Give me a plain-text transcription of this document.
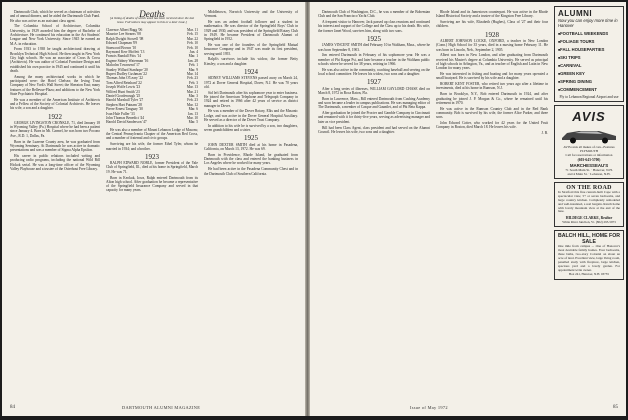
Dartmouth Club, which he served as chairman of activities and of annual dinners, and he aided the Dartmouth Club Fund. He also was active as an assistant class agent.

The Columbia School of Architecture, Columbia University, in 1929 awarded him the degree of Bachelor of Architecture. He continued his education in the Art Students' League and New York University. Since 1945 he earned an M.A. in education.

From 1933 to 1938 he taught architectural drawing at Brooklyn Technical High School. He then taught in New York City high schools. He was an associate of Cross & Cross (Architects). He was author of Colonial Furniture Design and established his own practice in 1945 and continued it until his death.

Among the many architectural works in which he participated were: the Hotel Chelsea; the Irving Trust Company of New York's Wall Street; the Sheraton East; many features of the Bellevue-Plaza; and additions to the New York State Psychiatric Hospital.

He was a member of the American Institute of Architects and a Fellow of the Society of Colonial Architects. He leaves his wife, a son and a daughter.

1922

GEORGE LIVINGSTON CRONKLE, 71, died January 18 in Wyoming Valley (Pa.) Hospital where he had been a patient since January 4. Born in Mt. Carmel, he was born two Pocono Ave., R.D. 1, Dallas, Pa.

Born in the Luzerne County area, he was graduated from Wyoming Seminary. At Dartmouth he was active in dramatic presentations and was a member of Sigma Alpha Epsilon.

His career in public relations included writing and producing radio programs, including the national Wild Bill Hickok serial. He was a long-time officer of the Wyoming Valley Playhouse and a trustee of the Osterhout Free Library.

Deaths
[A listing of deaths of which word has been received since the last issue. Full notices may appear in this or a later issue.]
Clarence Albert Bagg '06	Mar. 11
Maurice Lee Stearns '08	Feb. 15
Ralph Dwight Stowell '08	Mar. 22
Edward Chapman '09	Feb. 10
Stanwood Brown '10	Feb. 10
Raymond Kerr Moffett '13	Jan. 4
Francis Randall Fitts '14	Mar. 1
Eugene Sidney Waterman '16	Jan. 28
Malcolm Townsend '17	Feb. 1
Stanley Willard Stanhope '20	Mar. 9
Rupert Dudley Cushman '22	Mar. 14
Thomas John O'Leary '22	Feb. 23
Tom Alfred Reinhard '22	Feb. 3
Joseph Wolfe Lewis '23	Mar. 13
Wilfred Hunt Smith '23	Mar. 21
Daniel Goodenough '25	Mar. 3
Harold Marshall Tyler '27	Feb. 23
Stephen Hart Putnam '28	Mar. 12
Pierre Ernest Tanguay '30	Mar. 6
Ivan Hale Fuller '33	Jan. 13
John Thomas Benedict '44	Mar. 10
Harold David Sanderson '47	Mar. 5

He was also a member of Mount Lebanon Lodge of Masons; the Central Pennsylvania Chapter of the American Red Cross, and a number of fraternal and civic groups.

Surviving are his wife, the former Ethel Tyler, whom he married in 1934; and a brother.

1923

RALPH EDWARD NOBLE, former President of the Yale Club of Springfield, Ill., died at his home in Springfield, March 19. He was 71.

Born in Keokuk, Iowa, Ralph entered Dartmouth from its Alton high school. After graduation he became a representative of the Springfield Insurance Company and served in that capacity for many years.

Middletown, Norwich University and the University of Vermont.

He was an ardent football follower and a student in mathematics. He was director of the Springfield Boys' Club in 1929 and 1930, and was president of the Springfield Rotary Club in 1949. He became President of Dartmouth Alumni of Springfield in 1952.

He was one of the founders of the Springfield Mutual Insurance Company and in 1947 was made its first president, serving until 1955.

Ralph's survivors include his widow, the former Betty Kinsley; a son and a daughter.

1924

SIDNEY WILLIAMS STEVENS passed away on March 24, 1972 at Dover General Hospital, Dover, N.J. He was 70 years old.

Sid left Dartmouth after his sophomore year to enter business. He joined the American Telephone and Telegraph Company in 1924 and retired in 1966 after 42 years of service as district manager in Dover.

He was a member of the Dover Rotary, Elks and the Masonic Lodge, and was active in the Dover General Hospital Auxiliary. He served as a director of the Dover Trust Company.

In addition to his wife he is survived by a son, two daughters, seven grandchildren and a sister.

1925

JOHN DEXTER SMITH died at his home in Pasadena, California, on March 13, 1972. He was 69.

Born in Providence, Rhode Island, he graduated from Dartmouth with the class and entered the banking business in Los Angeles where he worked for many years.

He had been active in the Pasadena Community Chest and in the Dartmouth Club of Southern California.

84	DARTMOUTH ALUMNI MAGAZINE

Dartmouth Club of Washington, D.C., he was a member of the Bohemian Club and the San Francisco Yacht Club.

A frequent visitor to Hanover, Jack passed up class reunions and continued his interest and support of the College and the Class up to his death. His wife, the former Janet Wood, survives him, along with two sons.

1925

JAMES VINCENT SMITH died February 10 in Waltham, Mass., where he was born September 8, 1903.

Jim entered Dartmouth in February of his sophomore year. He was a member of Phi Kappa Psi, and later became a teacher in the Waltham public schools where he served for 38 years, retiring in 1966.

He was also active in the community, coaching baseball and serving on the local school committee. He leaves his widow, two sons and a daughter.

1927

After a long series of illnesses, WILLIAM GAYLORD CHASE died on March 8, 1972 in Boca Raton, Fla.

Born in Lawrence, Mass., Bill entered Dartmouth from Cushing Academy and soon became a leader in campus publications. He was managing editor of The Dartmouth, a member of Casque and Gauntlet, and of Phi Beta Kappa.

After graduation he joined the Procter and Gamble Company in Cincinnati and remained with it for thirty-five years, serving as advertising manager and later as vice president.

Bill had been Class Agent, class president and had served on the Alumni Council. He leaves his wife, two sons and a daughter.

Rhode Island and its Jamestown counterpart. He was active in the Rhode Island Historical Society and a trustee of the Kingston Free Library.

Surviving are his wife, Elizabeth (Hughes), Class of '27 and their four children.

1928

ALBERT JOHNSON LOCKE, OXFORD, a teacher in New London (Conn.) High School for 35 years, died in a nursing home February 11. He was born in Lincoln, Neb., September 2, 1905.

Albert was born in New London, and after graduating from Dartmouth received his Master's degree at Columbia University. He served as principal of high schools in Arlington, Va., and as teacher of English and Latin in New London for many years.

He was interested in fishing and boating and for many years operated a small boatyard. He is survived by his wife and a daughter.

ROBERT KENT FOSTER, who retired two years ago after a lifetime in investments, died at his home in Rumson, N.J.

Born in Brooklyn, N.Y., Bob entered Dartmouth in 1924, and after graduating he joined J. P. Morgan & Co., where he remained until his retirement in 1970.

He was active in the Rumson Country Club and in the Red Bank community. Bob is survived by his wife, the former Alice Parker, and three sons.

John Edward Cotter, who worked for 42 years for the United Fruit Company in Boston, died March 18. He leaves his wife.

J. B.
ALUMNI
Now you can enjoy more time in Hanover
■ FOOTBALL WEEKENDS
■ FOLIAGE TOURS
■ FALL HOUSEPARTIES
■ SKI TRIPS
■ CARNIVAL
■ GREEN KEY
■ SPRING DINING
■ COMMENCEMENT
Fly to Lebanon Regional Airport and use
AVIS
AVIS rents all makes of cars...Features PLYMOUTH
Call for reservations or information
(603-643-5700)
MARCHESSEAU'S
71 South Main St. · Hanover, N.H.
and 4 Main St. · Lebanon, N.H.
ON THE ROAD
In Stratford this fine custom-built Cape with a spectacular view, 5+ or seven bedrooms, and large country kitchen. Completely remodeled and well-insulated, a real bargain. Ranch home with lovely mountain view at the end of the lane.
HILDEGE CLARKE, Realtor
White River Junction, Vt. (802) 295-5973
BALCH HILL, HOME FOR SALE
One mile from campus ... One of Hanover's most desirable family homes. Four bedrooms, three baths, two-story Colonial on about an acre of land. Excellent view, large living room, panelled study with fireplace, large kitchen, spacious yard and a lovely garden. For appointment write owner.
Box 241, Hanover, N.H. 03755
Issue of May 1972	85
